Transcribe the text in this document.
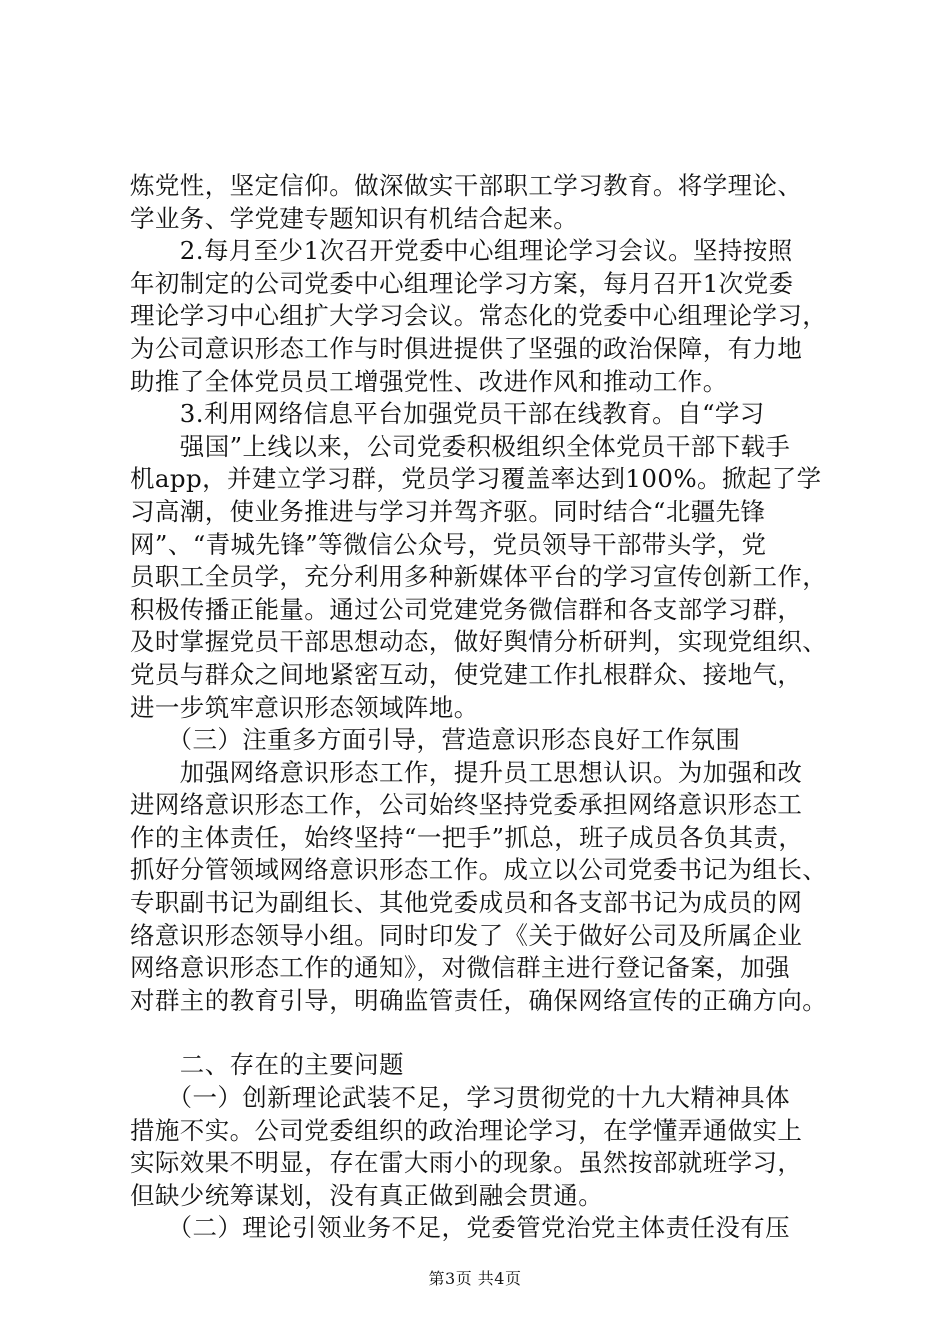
炼党性，坚定信仰。做深做实干部职工学习教育。将学理论、
学业务、学党建专题知识有机结合起来。
　　2.每月至少1次召开党委中心组理论学习会议。坚持按照
年初制定的公司党委中心组理论学习方案，每月召开1次党委
理论学习中心组扩大学习会议。常态化的党委中心组理论学习，
为公司意识形态工作与时俱进提供了坚强的政治保障，有力地
助推了全体党员员工增强党性、改进作风和推动工作。
　　3.利用网络信息平台加强党员干部在线教育。自“学习
　　强国”上线以来，公司党委积极组织全体党员干部下载手
机app，并建立学习群，党员学习覆盖率达到100%。掀起了学
习高潮，使业务推进与学习并驾齐驱。同时结合“北疆先锋
网”、“青城先锋”等微信公众号，党员领导干部带头学，党
员职工全员学，充分利用多种新媒体平台的学习宣传创新工作，
积极传播正能量。通过公司党建党务微信群和各支部学习群，
及时掌握党员干部思想动态，做好舆情分析研判，实现党组织、
党员与群众之间地紧密互动，使党建工作扎根群众、接地气，
进一步筑牢意识形态领域阵地。
　　（三）注重多方面引导，营造意识形态良好工作氛围
　　加强网络意识形态工作，提升员工思想认识。为加强和改
进网络意识形态工作，公司始终坚持党委承担网络意识形态工
作的主体责任，始终坚持“一把手”抓总，班子成员各负其责，
抓好分管领域网络意识形态工作。成立以公司党委书记为组长、
专职副书记为副组长、其他党委成员和各支部书记为成员的网
络意识形态领导小组。同时印发了《关于做好公司及所属企业
网络意识形态工作的通知》，对微信群主进行登记备案，加强
对群主的教育引导，明确监管责任，确保网络宣传的正确方向。
　　二、存在的主要问题
　　（一）创新理论武装不足，学习贯彻党的十九大精神具体
措施不实。公司党委组织的政治理论学习，在学懂弄通做实上
实际效果不明显，存在雷大雨小的现象。虽然按部就班学习，
但缺少统筹谋划，没有真正做到融会贯通。
　　（二）理论引领业务不足，党委管党治党主体责任没有压
第3页 共4页
